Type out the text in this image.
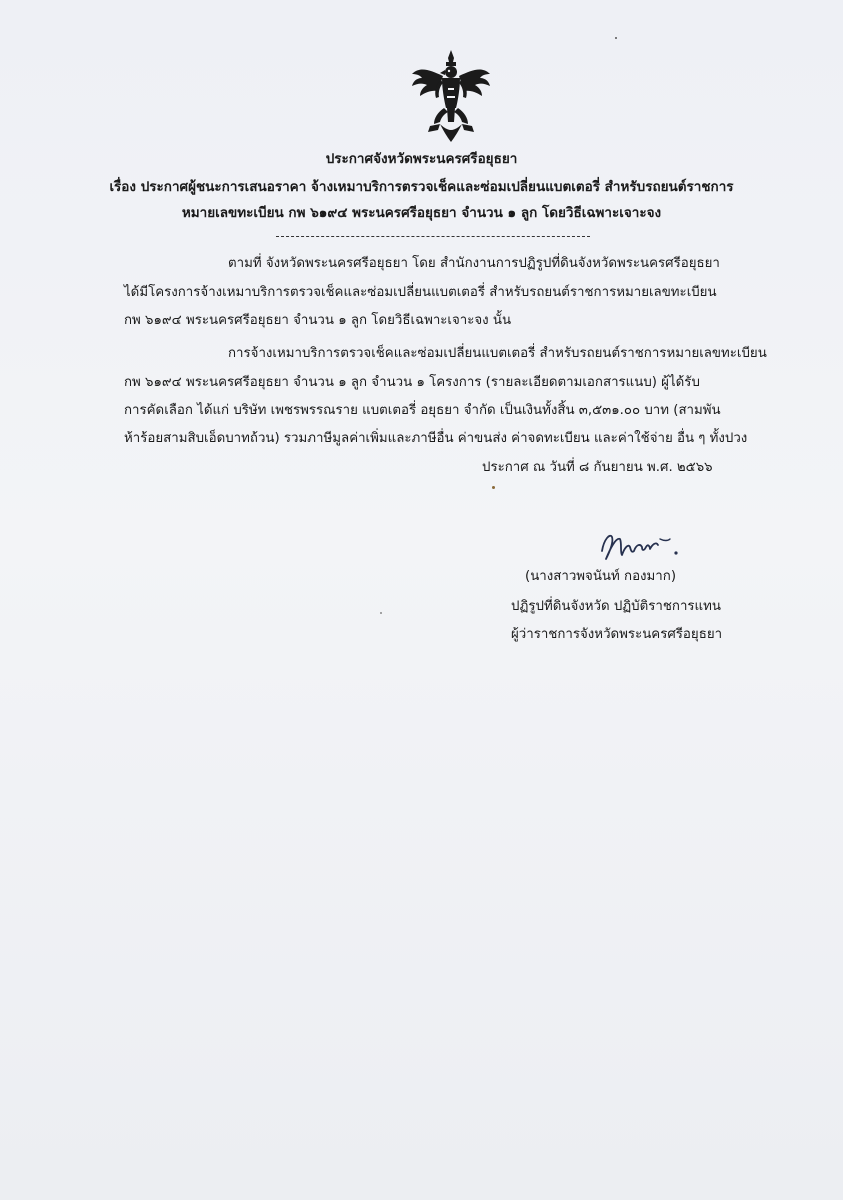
ประกาศจังหวัดพระนครศรีอยุธยา
เรื่อง ประกาศผู้ชนะการเสนอราคา จ้างเหมาบริการตรวจเช็คและซ่อมเปลี่ยนแบตเตอรี่ สำหรับรถยนต์ราชการ
หมายเลขทะเบียน กพ ๖๑๙๔ พระนครศรีอยุธยา จำนวน ๑ ลูก โดยวิธีเฉพาะเจาะจง
ตามที่ จังหวัดพระนครศรีอยุธยา โดย สำนักงานการปฏิรูปที่ดินจังหวัดพระนครศรีอยุธยา
ได้มีโครงการจ้างเหมาบริการตรวจเช็คและซ่อมเปลี่ยนแบตเตอรี่ สำหรับรถยนต์ราชการหมายเลขทะเบียน
กพ ๖๑๙๔ พระนครศรีอยุธยา จำนวน ๑ ลูก โดยวิธีเฉพาะเจาะจง นั้น
การจ้างเหมาบริการตรวจเช็คและซ่อมเปลี่ยนแบตเตอรี่ สำหรับรถยนต์ราชการหมายเลขทะเบียน
กพ ๖๑๙๔ พระนครศรีอยุธยา จำนวน ๑ ลูก จำนวน ๑ โครงการ (รายละเอียดตามเอกสารแนบ) ผู้ได้รับ
การคัดเลือก ได้แก่ บริษัท เพชรพรรณราย แบตเตอรี่ อยุธยา จำกัด เป็นเงินทั้งสิ้น ๓,๕๓๑.๐๐ บาท (สามพัน
ห้าร้อยสามสิบเอ็ดบาทถ้วน) รวมภาษีมูลค่าเพิ่มและภาษีอื่น ค่าขนส่ง ค่าจดทะเบียน และค่าใช้จ่าย อื่น ๆ ทั้งปวง
ประกาศ ณ วันที่ ๘ กันยายน พ.ศ. ๒๕๖๖
(นางสาวพจนันท์ กองมาก)
ปฏิรูปที่ดินจังหวัด ปฏิบัติราชการแทน
ผู้ว่าราชการจังหวัดพระนครศรีอยุธยา
